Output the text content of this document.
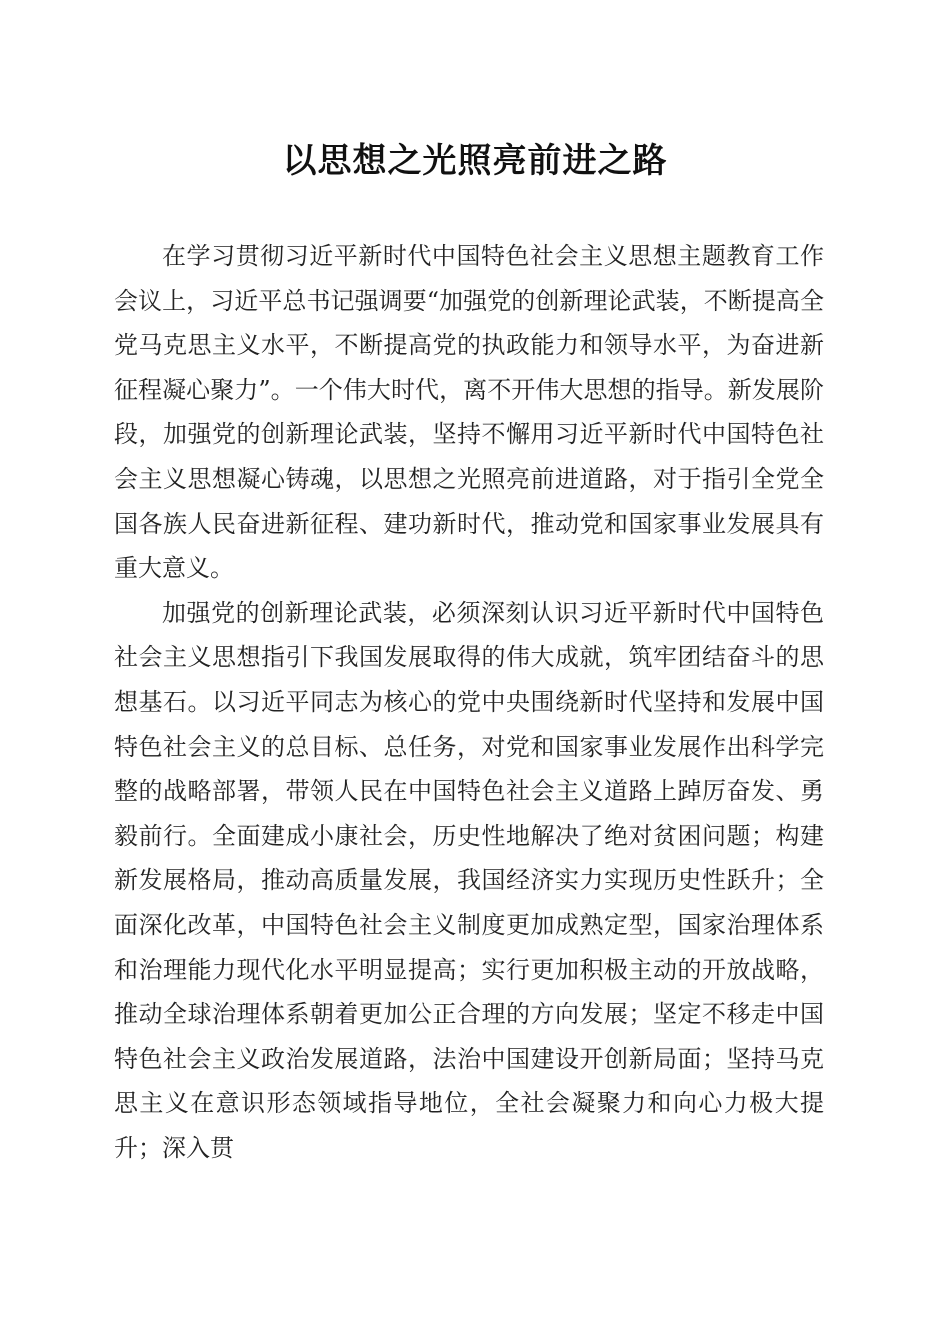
以思想之光照亮前进之路

在学习贯彻习近平新时代中国特色社会主义思想主题教育工作会议上，习近平总书记强调要“加强党的创新理论武装，不断提高全党马克思主义水平，不断提高党的执政能力和领导水平，为奋进新征程凝心聚力”。一个伟大时代，离不开伟大思想的指导。新发展阶段，加强党的创新理论武装，坚持不懈用习近平新时代中国特色社会主义思想凝心铸魂，以思想之光照亮前进道路，对于指引全党全国各族人民奋进新征程、建功新时代，推动党和国家事业发展具有重大意义。

加强党的创新理论武装，必须深刻认识习近平新时代中国特色社会主义思想指引下我国发展取得的伟大成就，筑牢团结奋斗的思想基石。以习近平同志为核心的党中央围绕新时代坚持和发展中国特色社会主义的总目标、总任务，对党和国家事业发展作出科学完整的战略部署，带领人民在中国特色社会主义道路上踔厉奋发、勇毅前行。全面建成小康社会，历史性地解决了绝对贫困问题；构建新发展格局，推动高质量发展，我国经济实力实现历史性跃升；全面深化改革，中国特色社会主义制度更加成熟定型，国家治理体系和治理能力现代化水平明显提高；实行更加积极主动的开放战略，推动全球治理体系朝着更加公正合理的方向发展；坚定不移走中国特色社会主义政治发展道路，法治中国建设开创新局面；坚持马克思主义在意识形态领域指导地位，全社会凝聚力和向心力极大提升；深入贯
